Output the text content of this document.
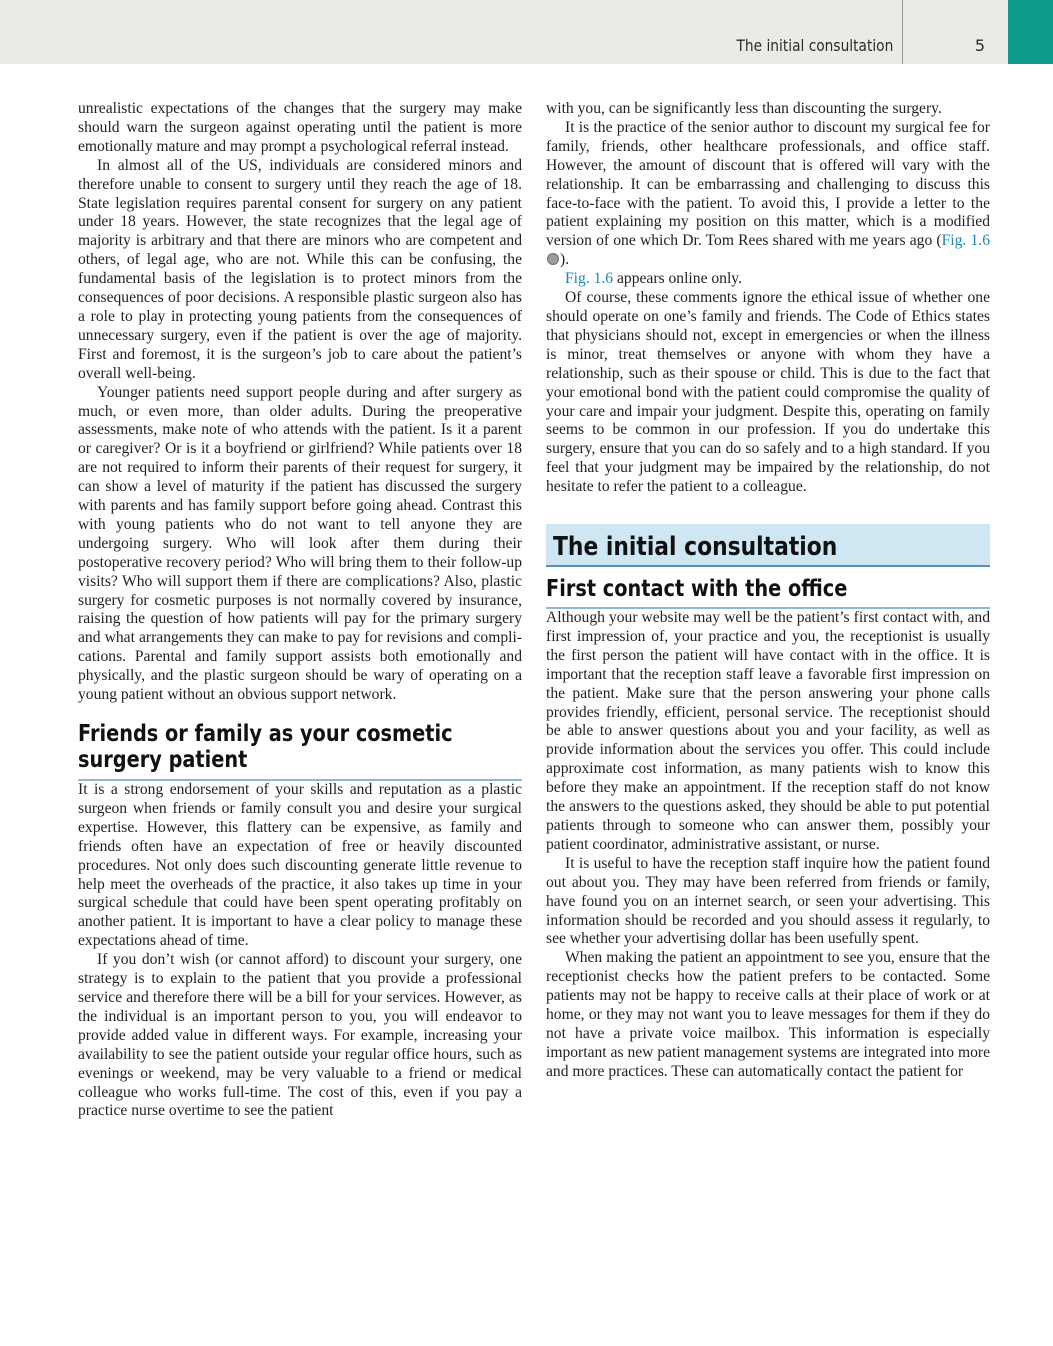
The initial consultation	5

unrealistic expectations of the changes that the surgery may make should warn the surgeon against operating until the patient is more emotionally mature and may prompt a psychological referral instead.

In almost all of the US, individuals are considered minors and therefore unable to consent to surgery until they reach the age of 18. State legislation requires parental consent for surgery on any patient under 18 years. However, the state recognizes that the legal age of majority is arbitrary and that there are minors who are competent and others, of legal age, who are not. While this can be confusing, the fundamental basis of the legislation is to protect minors from the consequences of poor decisions. A responsible plastic surgeon also has a role to play in protecting young patients from the consequences of unnecessary surgery, even if the patient is over the age of majority. First and foremost, it is the surgeon’s job to care about the patient’s overall well-being.

Younger patients need support people during and after surgery as much, or even more, than older adults. During the preoperative assessments, make note of who attends with the patient. Is it a parent or caregiver? Or is it a boyfriend or girlfriend? While patients over 18 are not required to inform their parents of their request for surgery, it can show a level of maturity if the patient has discussed the surgery with parents and has family support before going ahead. Contrast this with young patients who do not want to tell anyone they are undergoing surgery. Who will look after them during their postoperative recovery period? Who will bring them to their follow-up visits? Who will support them if there are complications? Also, plastic surgery for cosmetic purposes is not normally covered by insurance, raising the question of how patients will pay for the primary surgery and what arrangements they can make to pay for revisions and complications. Parental and family support assists both emotionally and physically, and the plastic surgeon should be wary of operating on a young patient without an obvious support network.

Friends or family as your cosmetic
surgery patient

It is a strong endorsement of your skills and reputation as a plastic surgeon when friends or family consult you and desire your surgical expertise. However, this flattery can be expensive, as family and friends often have an expectation of free or heavily discounted procedures. Not only does such discounting generate little revenue to help meet the overheads of the practice, it also takes up time in your surgical schedule that could have been spent operating profitably on another patient. It is important to have a clear policy to manage these expectations ahead of time.

If you don’t wish (or cannot afford) to discount your surgery, one strategy is to explain to the patient that you provide a professional service and therefore there will be a bill for your services. However, as the individual is an important person to you, you will endeavor to provide added value in different ways. For example, increasing your availability to see the patient outside your regular office hours, such as evenings or weekend, may be very valuable to a friend or medical colleague who works full-time. The cost of this, even if you pay a practice nurse overtime to see the patient

with you, can be significantly less than discounting the surgery.

It is the practice of the senior author to discount my surgical fee for family, friends, other healthcare professionals, and office staff. However, the amount of discount that is offered will vary with the relationship. It can be embarrassing and challenging to discuss this face-to-face with the patient. To avoid this, I provide a letter to the patient explaining my position on this matter, which is a modified version of one which Dr. Tom Rees shared with me years ago (Fig. 1.6 ).

Fig. 1.6 appears online only.

Of course, these comments ignore the ethical issue of whether one should operate on one’s family and friends. The Code of Ethics states that physicians should not, except in emergencies or when the illness is minor, treat themselves or anyone with whom they have a relationship, such as their spouse or child. This is due to the fact that your emotional bond with the patient could compromise the quality of your care and impair your judgment. Despite this, operating on family seems to be common in our profession. If you do undertake this surgery, ensure that you can do so safely and to a high standard. If you feel that your judgment may be impaired by the relationship, do not hesitate to refer the patient to a colleague.

The initial consultation
First contact with the office

Although your website may well be the patient’s first contact with, and first impression of, your practice and you, the receptionist is usually the first person the patient will have contact with in the office. It is important that the reception staff leave a favorable first impression on the patient. Make sure that the person answering your phone calls provides friendly, efficient, personal service. The receptionist should be able to answer questions about you and your facility, as well as provide information about the services you offer. This could include approximate cost information, as many patients wish to know this before they make an appointment. If the reception staff do not know the answers to the questions asked, they should be able to put potential patients through to someone who can answer them, possibly your patient coordinator, administrative assistant, or nurse.

It is useful to have the reception staff inquire how the patient found out about you. They may have been referred from friends or family, have found you on an internet search, or seen your advertising. This information should be recorded and you should assess it regularly, to see whether your advertising dollar has been usefully spent.

When making the patient an appointment to see you, ensure that the receptionist checks how the patient prefers to be contacted. Some patients may not be happy to receive calls at their place of work or at home, or they may not want you to leave messages for them if they do not have a private voice mailbox. This information is especially important as new patient management systems are integrated into more and more practices. These can automatically contact the patient for
